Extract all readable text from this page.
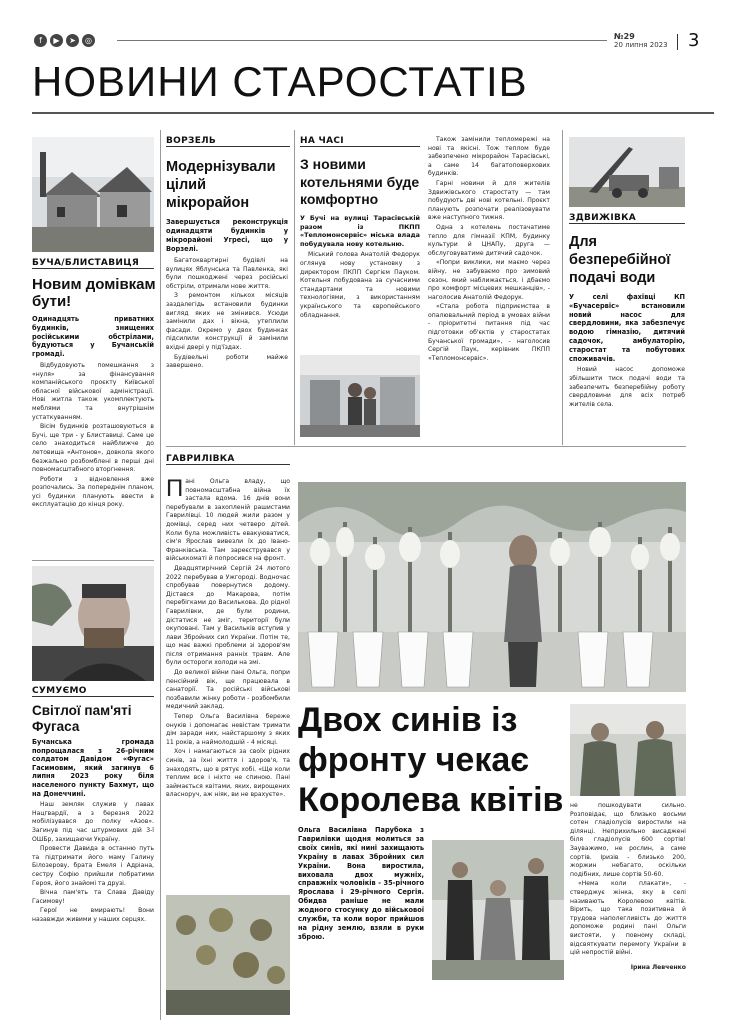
f	▶	➤	◎	№29
20 липня 2023 3
НОВИНИ СТАРОСТАТІВ
БУЧА/БЛИСТАВИЦЯ
Новим домівкам бути!

Одинадцять приватних будинків, знищених російськими обстрілами, будуються у Бучанській громаді.

Відбудовують помешкання з «нуля» за фінансування компанійського проєкту Київської обласної військової адміністрації. Нові житла також укомплектують меблями та внутрішнім устаткуванням.

Вісім будинків розташовуються в Бучі, ще три - у Блиставиці. Саме це село знаходиться найближче до летовища «Антонов», довкола якого безжально розбомблені в перші дні повномасштабного вторгнення.

Роботи з відновлення вже розпочались. За попереднім планом, усі будинки планують ввести в експлуатацію до кінця року.

СУМУЄМО
Світлої пам'яті Фугаса

Бучанська громада попрощалася з 26-річним солдатом Давідом «Фугас» Гасимовим, який загинув 6 липня 2023 року біля населеного пункту Бахмут, що на Донеччині.

Наш земляк служив у лавах Нацгвардії, а з березня 2022 мобілізувався до полку «Азов». Загинув під час штурмових дій 3-ї ОШБр, захищаючи Україну.

Провести Давида в останню путь та підтримати його маму Галину Білозерову, брата Емеля і Адріана, сестру Софію прийшли побратими Героя, його знайомі та друзі.

Вічна пам'ять та Слава Давіду Гасимову!

Герої не вмирають! Вони назавжди живими у наших серцях.

ВОРЗЕЛЬ
Модернізували цілий мікрорайон

Завершується реконструкція одинадцяти будинків у мікрорайоні Угресі, що у Ворзелі.

Багатоквартирні будівлі на вулицях Яблунська та Павленка, які були пошкоджені через російські обстріли, отримали нове життя.

З ремонтом кількох місяців заздалегідь встановили будинки вигляд яких не змінився. Усюди замінили дах і вікна, утеплили фасади. Окремо у двох будинках підсилили конструкції й замінили вхідні двері у під'їздах.

Будівельні роботи майже завершено.

НА ЧАСІ
З новими котельнями буде комфортно

У Бучі на вулиці Тарасівській разом із ПКПП «Тепломонсервіс» міська влада побудувала нову котельню.

Міський голова Анатолій Федорук оглянув нову установку з директором ПКПП Сергієм Пауком. Котельня побудована за сучасними стандартами та новими технологіями, з використанням українського та європейського обладнання.

Також замінили тепломережі на нові та якісні. Тож теплом буде забезпечено мікрорайон Тарасівські, а саме 14 багатоповерхових будинків.

Гарні новини й для жителів Здвижівського старостату — там побудують дві нові котельні. Проєкт планують розпочати реалізовувати вже наступного тижня.

Одна з котелень постачатиме тепло для гімназії КПМ, будинку культури й ЦНАПу, друга — обслуговуватиме дитячий садочок.

«Попри виклики, ми маємо через війну, не забуваємо про зимовий сезон, який наближається, і дбаємо про комфорт місцевих мешканців», - наголосив Анатолій Федорук.

«Стала робота підприємства в опалювальний період в умовах війни - пріоритетні питання під час підготовки об'єктів у старостатах Бучанської громади», - наголосив Сергій Паук, керівник ПКПП «Тепломонсервіс».

ЗДВИЖІВКА
Для безперебійної подачі води

У селі фахівці КП «Бучасервіс» встановили новий насос для свердловини, яка забезпечує водою гімназію, дитячий садочок, амбулаторію, старостат та побутових споживачів.

Новий насос допоможе збільшити тиск подачі води та забезпечить безперебійну роботу свердловини для всіх потреб жителів села.

ГАВРИЛІВКА

Пані Ольга владу, що повномасштабна війна їх застала вдома. 16 днів вони перебували в захопленій рашистами Гаврилівці. 10 людей жили разом у домівці, серед них четверо дітей. Коли була можливість евакуюватися, сім'я Ярослав вивезли їх до Івано-Франківська. Там зареєструвався у військкоматі й попросився на фронт.

Двадцятирічний Сергій 24 лютого 2022 перебував в Ужгороді. Водночас спробував повернутися додому. Дістався до Макарова, потім перебігками до Василькова. До рідної Гаврилівки, де були родини, дістатися не зміг, території були окуповані. Там у Васильків вступив у лави Збройних сил України. Потім те, що має важкі проблеми зі здоров'ям після отримання ранніх травм. Але були остороги холоди на змі.

До великої війни пані Ольга, попри пенсійний вік, ще працювала в санаторії. Та російські військові позбавили жінку роботи - розбомбили медичний заклад.

Тепер Ольга Василівна береже онуків і допомагає невістам тримати дім заради них, найстаршому з яких 11 років, а наймолодшій - 4 місяці.

Хоч і намагаються за своїх рідних синів, за їхні життя і здоров'я, та знаходять, що в рятує хобі. «Ще коли теплим все і ніхто не спиною. Пані займається квітами, яких, вирощених власноруч, аж ніяк, ви не врахуєте».

Двох синів із фронту чекає Королева квітів

Ольга Василівна Парубока з Гаврилівки щодня молиться за своїх синів, які нині захищають Україну в лавах Збройних сил України. Вона виростила, виховала двох мужніх, справжніх чоловіків - 35-річного Ярослава і 29-річного Сергія. Обидва раніше не мали жодного стосунку до військової служби, та коли ворог прийшов на рідну землю, взяли в руки зброю.

не пошкодувати сильно. Розповідає, що близько восьми сотен гладіолусів виростили на ділянці. Неприхильно висаджені біля гладіолусів 600 сортів! Зауважимо, не рослин, а саме сортів. Іризів - близько 200, жоржин небагато, оскільки подібних, лише сортів 50-60.

«Нема коли плакати», - стверджує жінка, яку в селі називають Королевою квітів. Вірить, що така позитивна й трудова наполегливість до життя допоможе родині пані Ольги вистояти, у повному складі, відсвяткувати перемогу України в цій непростій війні.

Ірина Левченко
